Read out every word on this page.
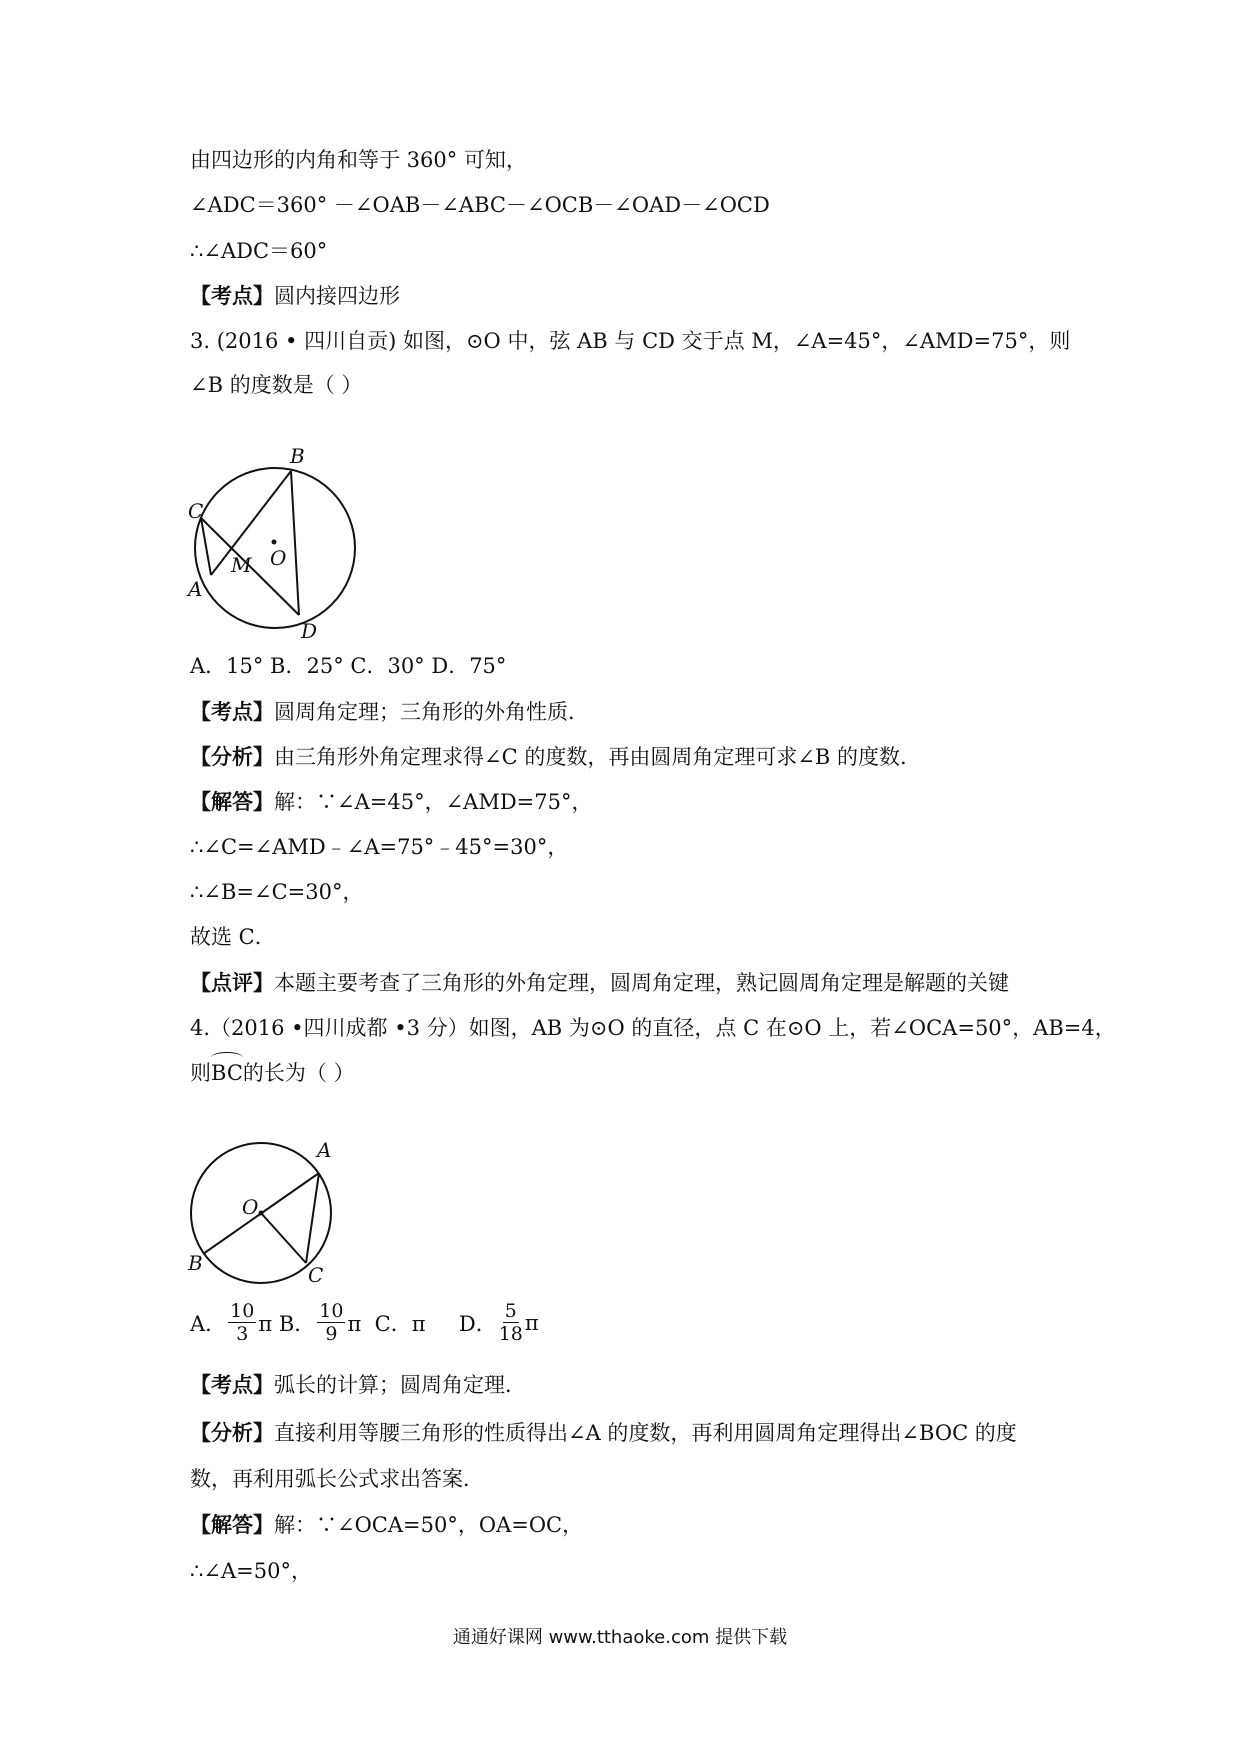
由四边形的内角和等于 360° 可知，
∠ADC＝360° －∠OAB－∠ABC－∠OCB－∠OAD－∠OCD
∴∠ADC＝60°
【考点】圆内接四边形
3. (2016 • 四川自贡) 如图，⊙O 中，弦 AB 与 CD 交于点 M，∠A=45°，∠AMD=75°，则
∠B 的度数是（ ）
B
C
A
M O
D
A．15° B．25° C．30° D．75°
【考点】圆周角定理；三角形的外角性质．
【分析】由三角形外角定理求得∠C 的度数，再由圆周角定理可求∠B 的度数．
【解答】解：∵∠A=45°，∠AMD=75°，
∴∠C=∠AMD﹣∠A=75°﹣45°=30°，
∴∠B=∠C=30°，
故选 C．
【点评】本题主要考查了三角形的外角定理，圆周角定理，熟记圆周角定理是解题的关键
4.（2016 •四川成都 •3 分）如图，AB 为⊙O 的直径，点 C 在⊙O 上，若∠OCA=50°，AB=4，
则BC的长为（ ）
A
O
B	C
A． $\frac{10}{3}$ π B． $\frac{10}{9}$ π  C．π     D． $\frac{5}{18}$ π
【考点】弧长的计算；圆周角定理．
【分析】直接利用等腰三角形的性质得出∠A 的度数，再利用圆周角定理得出∠BOC 的度
数，再利用弧长公式求出答案．
【解答】解：∵∠OCA=50°，OA=OC，
∴∠A=50°，
通通好课网 www.tthaoke.com 提供下载
